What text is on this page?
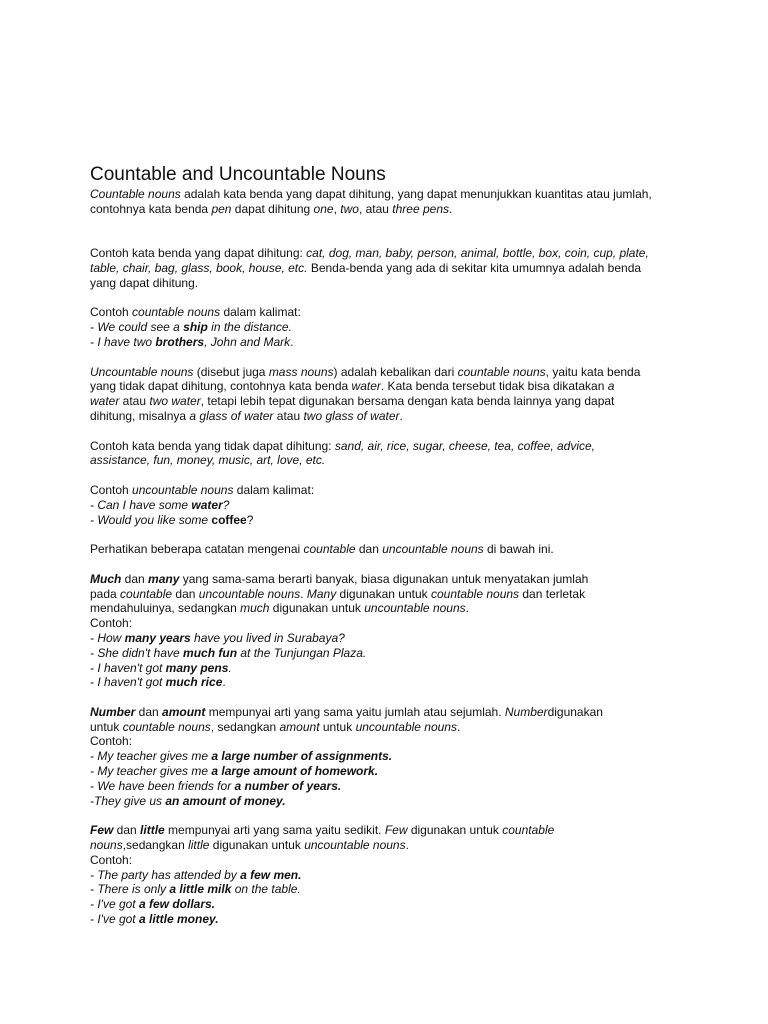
Countable and Uncountable Nouns
Countable nouns adalah kata benda yang dapat dihitung, yang dapat menunjukkan kuantitas atau jumlah,
contohnya kata benda pen dapat dihitung one, two, atau three pens.
Contoh kata benda yang dapat dihitung: cat, dog, man, baby, person, animal, bottle, box, coin, cup, plate,
table, chair, bag, glass, book, house, etc. Benda-benda yang ada di sekitar kita umumnya adalah benda
yang dapat dihitung.
Contoh countable nouns dalam kalimat:
- We could see a ship in the distance.
- I have two brothers, John and Mark.
Uncountable nouns (disebut juga mass nouns) adalah kebalikan dari countable nouns, yaitu kata benda
yang tidak dapat dihitung, contohnya kata benda water. Kata benda tersebut tidak bisa dikatakan a
water atau two water, tetapi lebih tepat digunakan bersama dengan kata benda lainnya yang dapat
dihitung, misalnya a glass of water atau two glass of water.
Contoh kata benda yang tidak dapat dihitung: sand, air, rice, sugar, cheese, tea, coffee, advice,
assistance, fun, money, music, art, love, etc.
Contoh uncountable nouns dalam kalimat:
- Can I have some water?
- Would you like some coffee?
Perhatikan beberapa catatan mengenai countable dan uncountable nouns di bawah ini.
Much dan many yang sama-sama berarti banyak, biasa digunakan untuk menyatakan jumlah
pada countable dan uncountable nouns. Many digunakan untuk countable nouns dan terletak
mendahuluinya, sedangkan much digunakan untuk uncountable nouns.
Contoh:
- How many years have you lived in Surabaya?
- She didn't have much fun at the Tunjungan Plaza.
- I haven't got many pens.
- I haven't got much rice.
Number dan amount mempunyai arti yang sama yaitu jumlah atau sejumlah. Numberdigunakan
untuk countable nouns, sedangkan amount untuk uncountable nouns.
Contoh:
- My teacher gives me a large number of assignments.
- My teacher gives me a large amount of homework.
- We have been friends for a number of years.
-They give us an amount of money.
Few dan little mempunyai arti yang sama yaitu sedikit. Few digunakan untuk countable
nouns,sedangkan little digunakan untuk uncountable nouns.
Contoh:
- The party has attended by a few men.
- There is only a little milk on the table.
- I've got a few dollars.
- I've got a little money.
